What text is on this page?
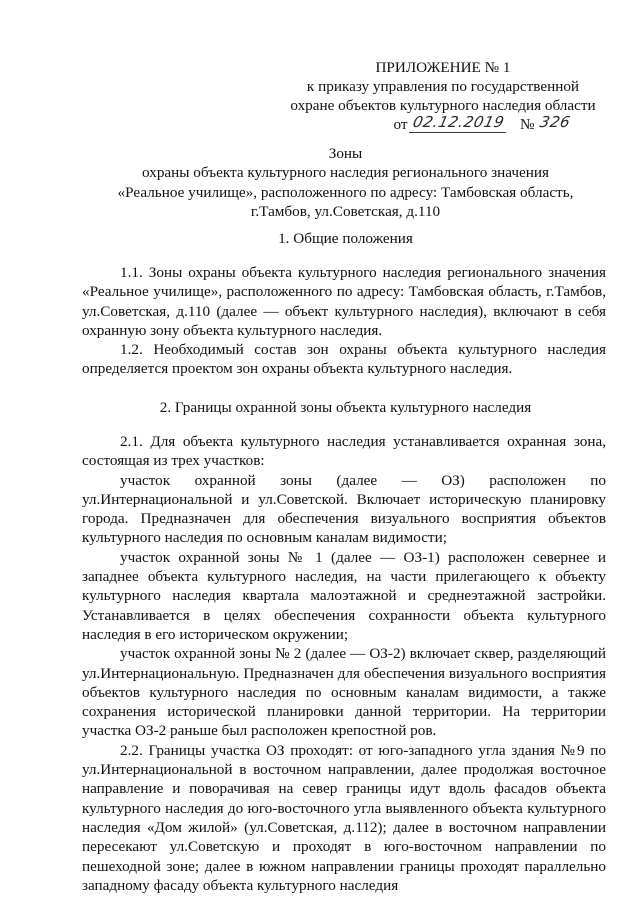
ПРИЛОЖЕНИЕ № 1
к приказу управления по государственной
охране объектов культурного наследия области
от 02.12.2019 № 326
Зоны
охраны объекта культурного наследия регионального значения
«Реальное училище», расположенного по адресу: Тамбовская область,
г.Тамбов, ул.Советская, д.110
1. Общие положения

1.1. Зоны охраны объекта культурного наследия регионального значения «Реальное училище», расположенного по адресу: Тамбовская область, г.Тамбов, ул.Советская, д.110 (далее — объект культурного наследия), включают в себя охранную зону объекта культурного наследия.

1.2. Необходимый состав зон охраны объекта культурного наследия определяется проектом зон охраны объекта культурного наследия.

2. Границы охранной зоны объекта культурного наследия

2.1. Для объекта культурного наследия устанавливается охранная зона, состоящая из трех участков:

участок охранной зоны (далее — ОЗ) расположен по ул.Интернациональной и ул.Советской. Включает историческую планировку города. Предназначен для обеспечения визуального восприятия объектов культурного наследия по основным каналам видимости;

участок охранной зоны № 1 (далее — ОЗ-1) расположен севернее и западнее объекта культурного наследия, на части прилегающего к объекту культурного наследия квартала малоэтажной и среднеэтажной застройки. Устанавливается в целях обеспечения сохранности объекта культурного наследия в его историческом окружении;

участок охранной зоны № 2 (далее — ОЗ-2) включает сквер, разделяющий ул.Интернациональную. Предназначен для обеспечения визуального восприятия объектов культурного наследия по основным каналам видимости, а также сохранения исторической планировки данной территории. На территории участка ОЗ-2 раньше был расположен крепостной ров.

2.2. Границы участка ОЗ проходят: от юго-западного угла здания №9 по ул.Интернациональной в восточном направлении, далее продолжая восточное направление и поворачивая на север границы идут вдоль фасадов объекта культурного наследия до юго-восточного угла выявленного объекта культурного наследия «Дом жилой» (ул.Советская, д.112); далее в восточном направлении пересекают ул.Советскую и проходят в юго-восточном направлении по пешеходной зоне; далее в южном направлении границы проходят параллельно западному фасаду объекта культурного наследия
